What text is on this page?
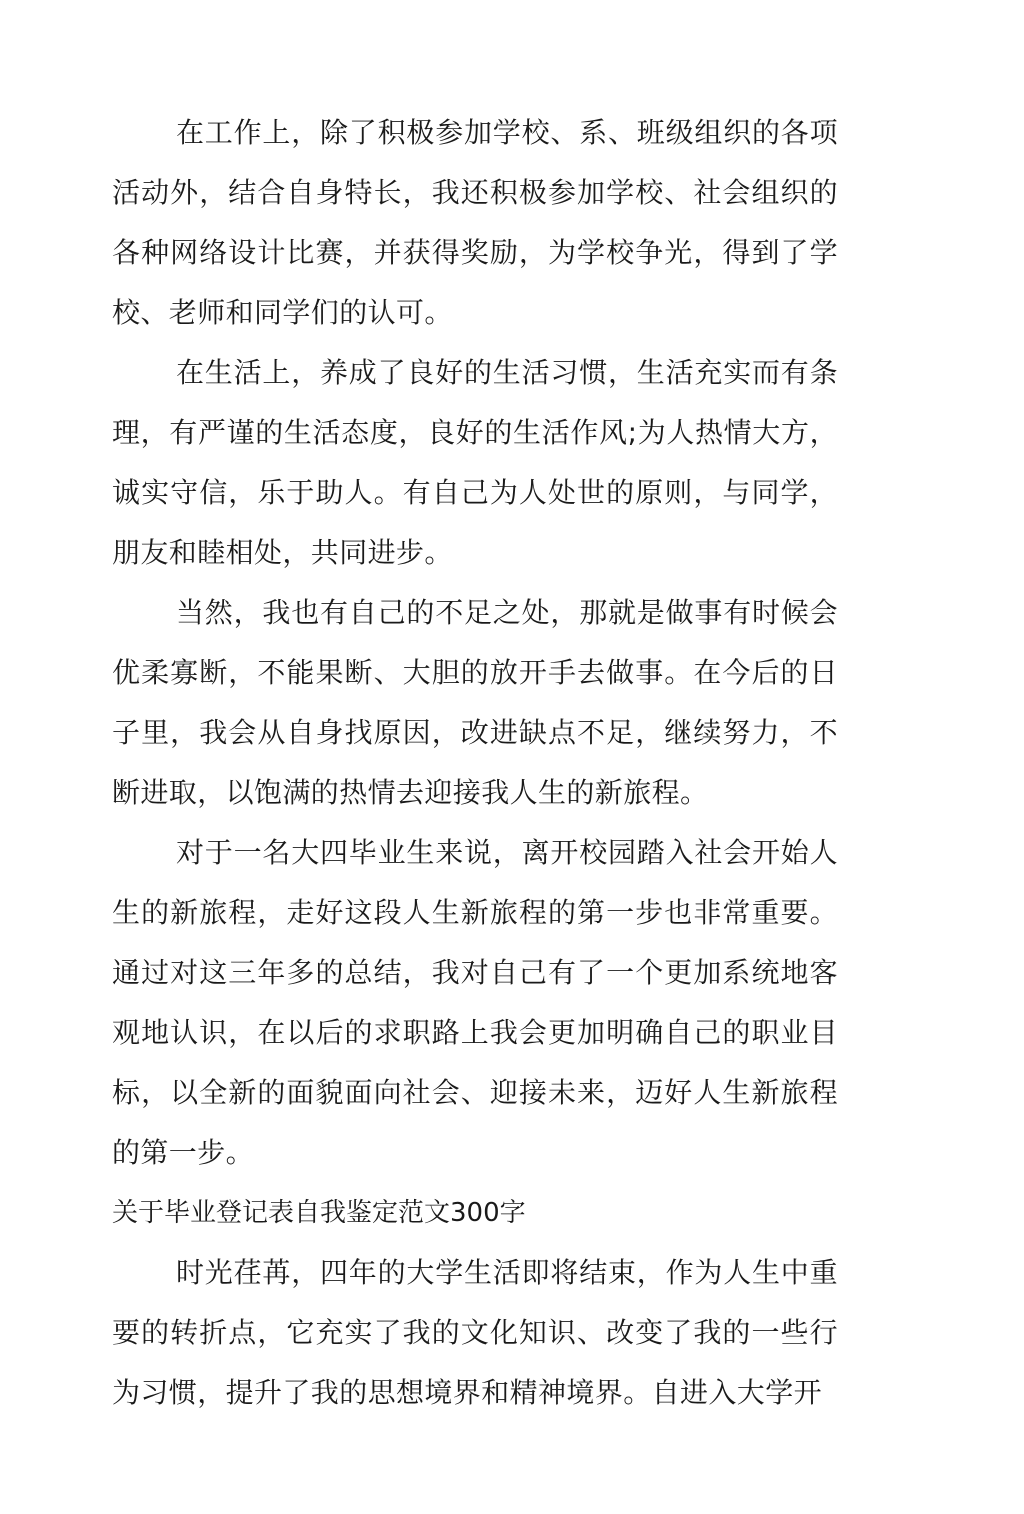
在工作上，除了积极参加学校、系、班级组织的各项活动外，结合自身特长，我还积极参加学校、社会组织的各种网络设计比赛，并获得奖励，为学校争光，得到了学校、老师和同学们的认可。

在生活上，养成了良好的生活习惯，生活充实而有条理，有严谨的生活态度，良好的生活作风;为人热情大方，诚实守信，乐于助人。有自己为人处世的原则，与同学，朋友和睦相处，共同进步。

当然，我也有自己的不足之处，那就是做事有时候会优柔寡断，不能果断、大胆的放开手去做事。在今后的日子里，我会从自身找原因，改进缺点不足，继续努力，不断进取，以饱满的热情去迎接我人生的新旅程。

对于一名大四毕业生来说，离开校园踏入社会开始人生的新旅程，走好这段人生新旅程的第一步也非常重要。通过对这三年多的总结，我对自己有了一个更加系统地客观地认识，在以后的求职路上我会更加明确自己的职业目标，以全新的面貌面向社会、迎接未来，迈好人生新旅程的第一步。

关于毕业登记表自我鉴定范文300字

时光荏苒，四年的大学生活即将结束，作为人生中重要的转折点，它充实了我的文化知识、改变了我的一些行为习惯，提升了我的思想境界和精神境界。自进入大学开
